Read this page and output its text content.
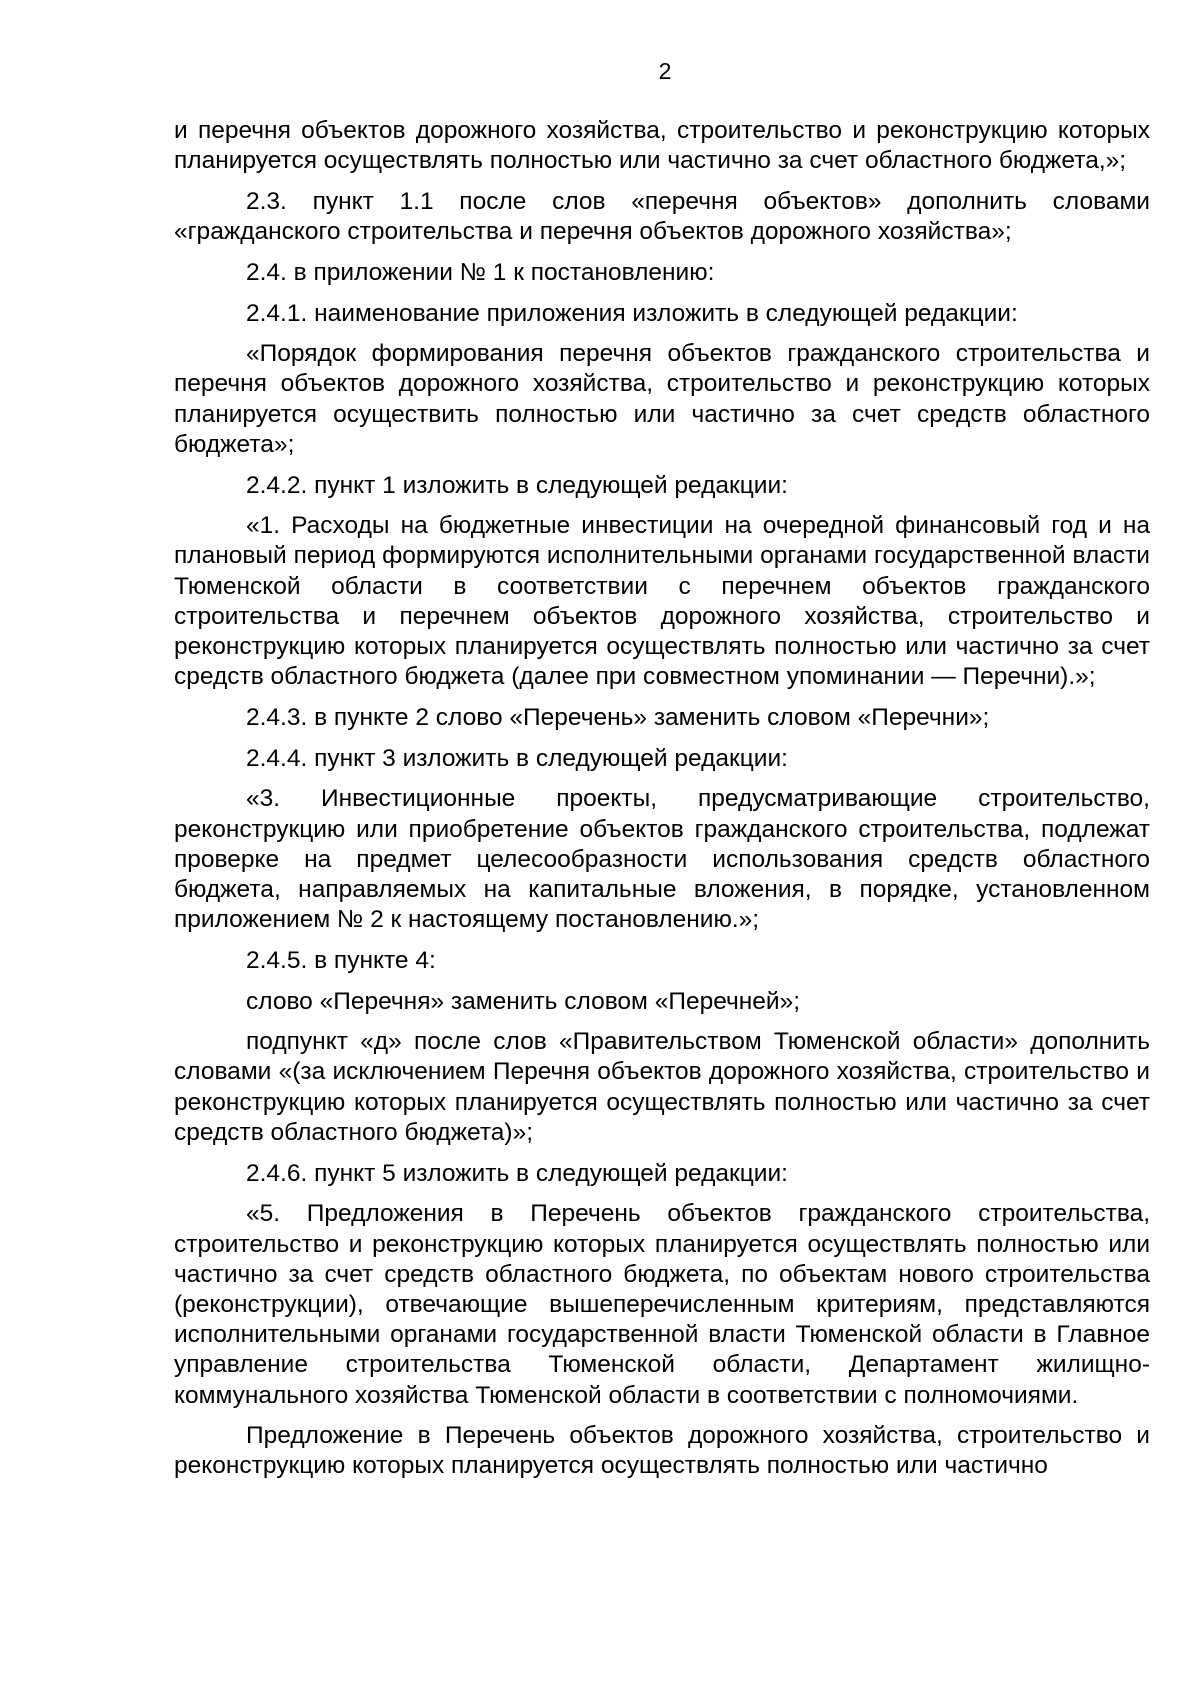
2

и перечня объектов дорожного хозяйства, строительство и реконструкцию которых планируется осуществлять полностью или частично за счет областного бюджета,»;

2.3. пункт 1.1 после слов «перечня объектов» дополнить словами «гражданского строительства и перечня объектов дорожного хозяйства»;

2.4. в приложении № 1 к постановлению:

2.4.1. наименование приложения изложить в следующей редакции:

«Порядок формирования перечня объектов гражданского строительства и перечня объектов дорожного хозяйства, строительство и реконструкцию которых планируется осуществить полностью или частично за счет средств областного бюджета»;

2.4.2. пункт 1 изложить в следующей редакции:

«1. Расходы на бюджетные инвестиции на очередной финансовый год и на плановый период формируются исполнительными органами государственной власти Тюменской области в соответствии с перечнем объектов гражданского строительства и перечнем объектов дорожного хозяйства, строительство и реконструкцию которых планируется осуществлять полностью или частично за счет средств областного бюджета (далее при совместном упоминании — Перечни).»;

2.4.3. в пункте 2 слово «Перечень» заменить словом «Перечни»;

2.4.4. пункт 3 изложить в следующей редакции:

«3. Инвестиционные проекты, предусматривающие строительство, реконструкцию или приобретение объектов гражданского строительства, подлежат проверке на предмет целесообразности использования средств областного бюджета, направляемых на капитальные вложения, в порядке, установленном приложением № 2 к настоящему постановлению.»;

2.4.5. в пункте 4:

слово «Перечня» заменить словом «Перечней»;

подпункт «д» после слов «Правительством Тюменской области» дополнить словами «(за исключением Перечня объектов дорожного хозяйства, строительство и реконструкцию которых планируется осуществлять полностью или частично за счет средств областного бюджета)»;

2.4.6. пункт 5 изложить в следующей редакции:

«5. Предложения в Перечень объектов гражданского строительства, строительство и реконструкцию которых планируется осуществлять полностью или частично за счет средств областного бюджета, по объектам нового строительства (реконструкции), отвечающие вышеперечисленным критериям, представляются исполнительными органами государственной власти Тюменской области в Главное управление строительства Тюменской области, Департамент жилищно-коммунального хозяйства Тюменской области в соответствии с полномочиями.

Предложение в Перечень объектов дорожного хозяйства, строительство и реконструкцию которых планируется осуществлять полностью или частично
